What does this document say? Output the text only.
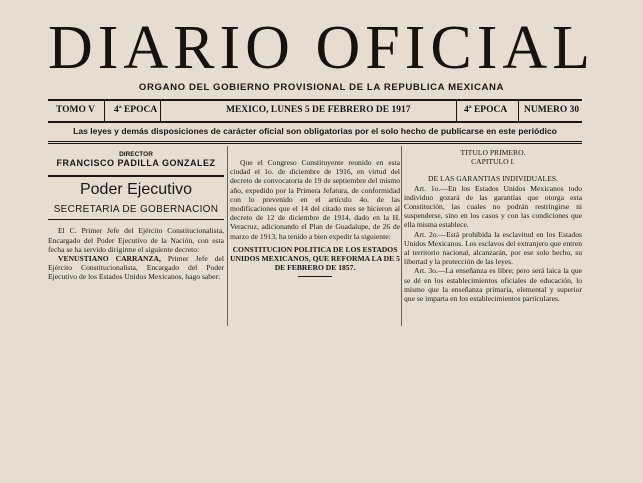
DIARIO OFICIAL
ORGANO DEL GOBIERNO PROVISIONAL DE LA REPUBLICA MEXICANA
TOMO V 4ª EPOCA	MEXICO, LUNES 5 DE FEBRERO DE 1917	4ª EPOCA NUMERO 30
Las leyes y demás disposiciones de carácter oficial son obligatorias por el solo hecho de publicarse en este periódico
DIRECTOR
FRANCISCO PADILLA GONZALEZ
Poder Ejecutivo
SECRETARIA DE GOBERNACION

El C. Primer Jefe del Ejército Constitucionalista, Encargado del Poder Ejecutivo de la Nación, con esta fecha se ha servido dirigirme el siguiente decreto:

VENUSTIANO CARRANZA, Primer Jefe del Ejército Constitucionalista, Encargado del Poder Ejecutivo de los Estados Unidos Mexicanos, hago saber:

Que el Congreso Constituyente reunido en esta ciudad el 1o. de diciembre de 1916, en virtud del decreto de convocatoria de 19 de septiembre del mismo año, expedido por la Primera Jefatura, de conformidad con lo prevenido en el artículo 4o. de las modificaciones que el 14 del citado mes se hicieron al decreto de 12 de diciembre de 1914, dado en la H. Veracruz, adicionando el Plan de Guadalupe, de 26 de marzo de 1913, ha tenido a bien expedir la siguiente:

CONSTITUCION POLITICA DE LOS ESTADOS UNIDOS MEXICANOS, QUE REFORMA LA DE 5 DE FEBRERO DE 1857.

TITULO PRIMERO.

CAPITULO I.

DE LAS GARANTIAS INDIVIDUALES.

Art. 1o.—En los Estados Unidos Mexicanos todo individuo gozará de las garantías que otorga esta Constitución, las cuales no podrán restringirse ni suspenderse, sino en los casos y con las condiciones que ella misma establece.

Art. 2o.—Está prohibida la esclavitud en los Estados Unidos Mexicanos. Los esclavos del extranjero que entren al territorio nacional, alcanzarán, por ese solo hecho, su libertad y la protección de las leyes.

Art. 3o.—La enseñanza es libre; pero será laica la que se dé en los establecimientos oficiales de educación, lo mismo que la enseñanza primaria, elemental y superior que se imparta en los establecimientos particulares.
